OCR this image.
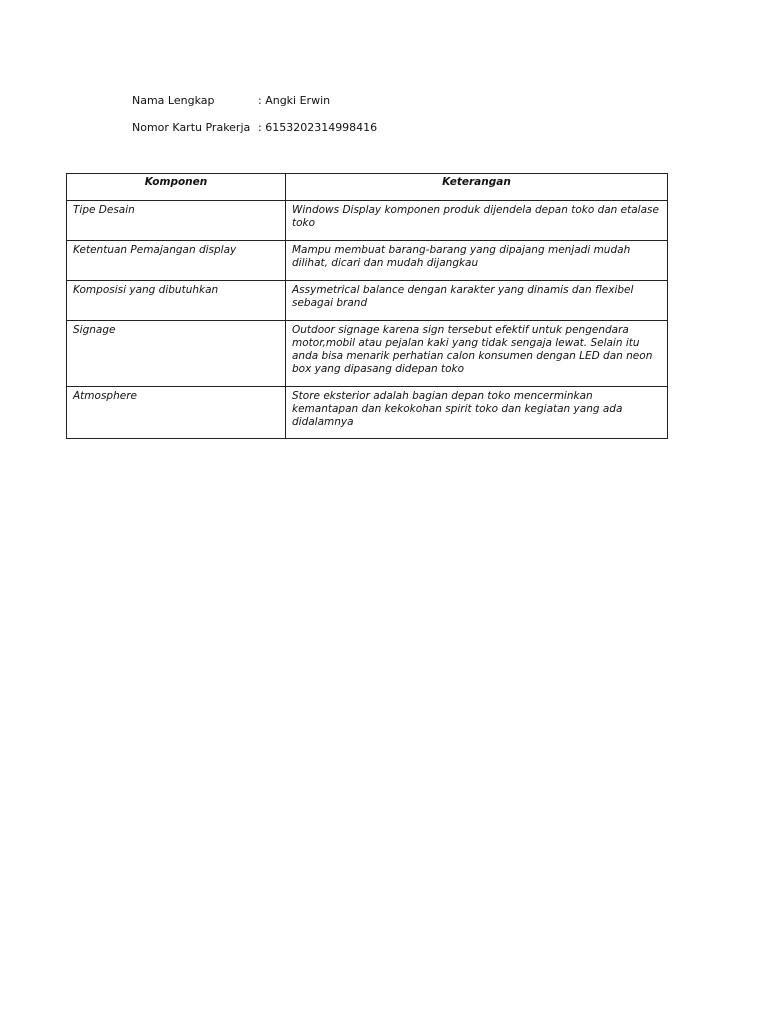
Nama Lengkap	: Angki Erwin
Nomor Kartu Prakerja : 6153202314998416
Komponen	Keterangan
Tipe Desain	Windows Display komponen produk dijendela depan toko dan etalase toko
Ketentuan Pemajangan display	Mampu membuat barang-barang yang dipajang menjadi mudah dilihat, dicari dan mudah dijangkau
Komposisi yang dibutuhkan	Assymetrical balance dengan karakter yang dinamis dan flexibel sebagai brand
Signage	Outdoor signage karena sign tersebut efektif untuk pengendara motor,mobil atau pejalan kaki yang tidak sengaja lewat. Selain itu anda bisa menarik perhatian calon konsumen dengan LED dan neon box yang dipasang didepan toko
Atmosphere	Store eksterior adalah bagian depan toko mencerminkan kemantapan dan kekokohan spirit toko dan kegiatan yang ada didalamnya
